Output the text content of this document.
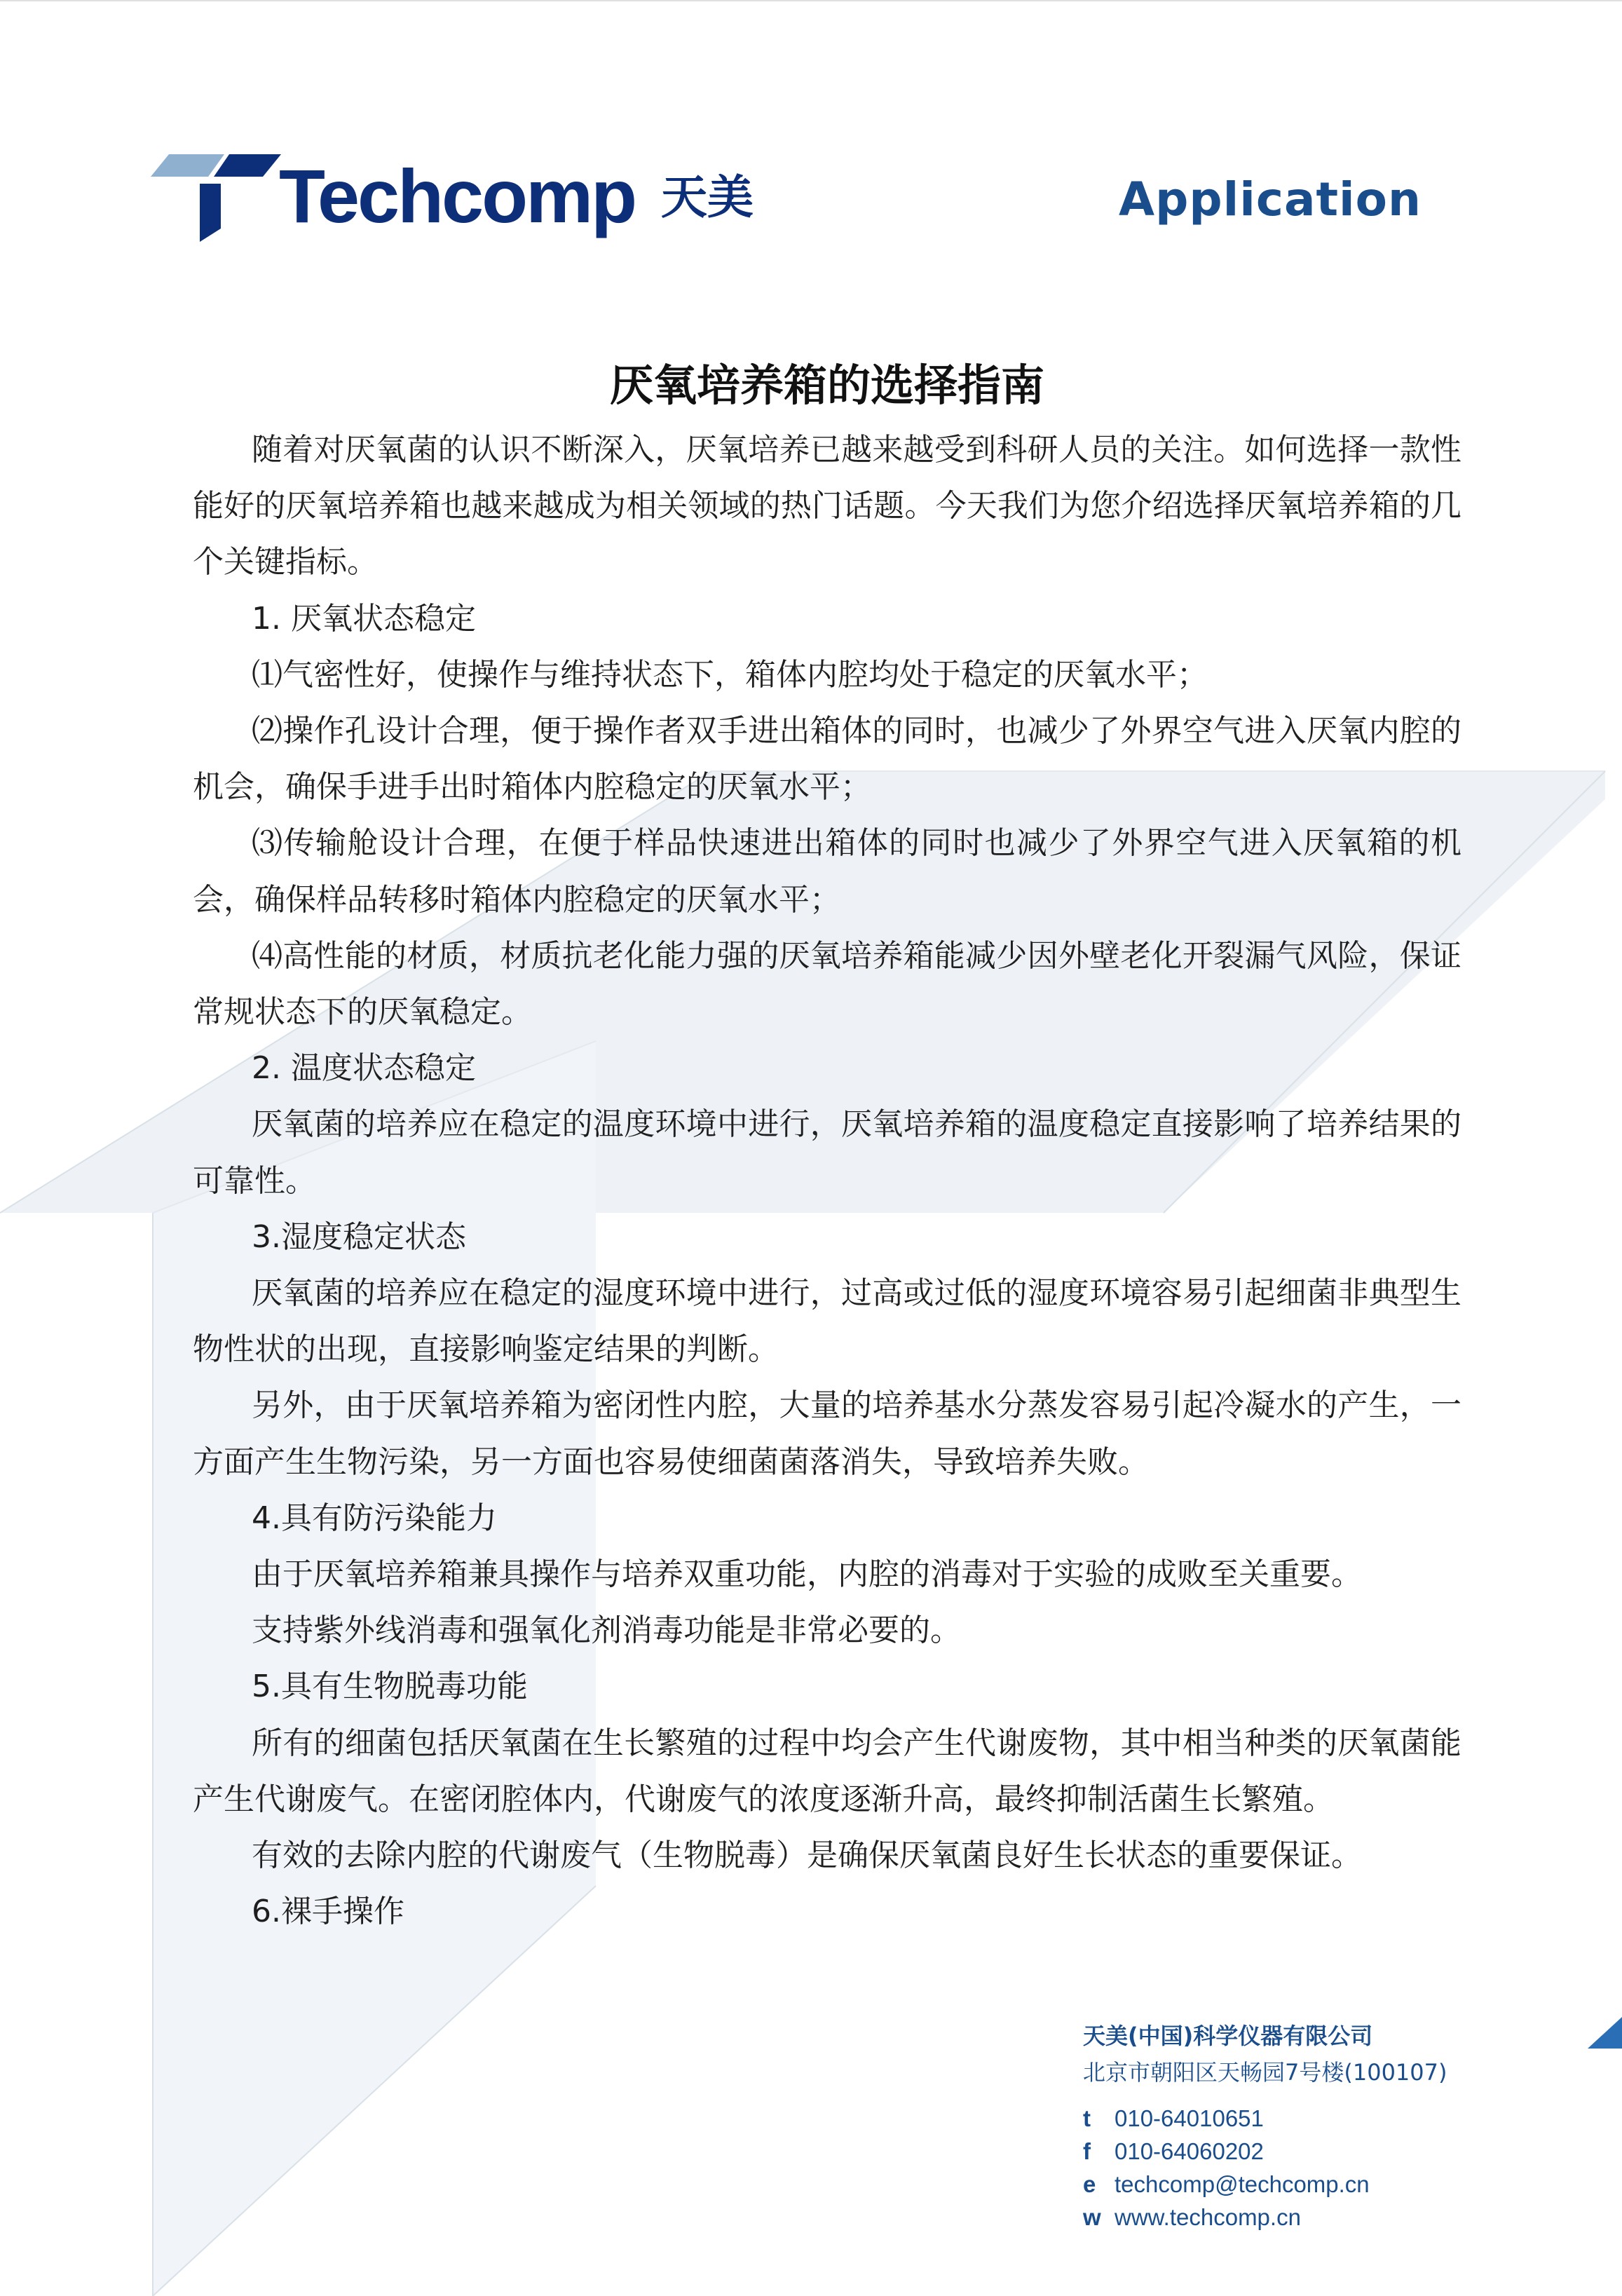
Techcomp 天美	Application
厌氧培养箱的选择指南

随着对厌氧菌的认识不断深入，厌氧培养已越来越受到科研人员的关注。如何选择一款性能好的厌氧培养箱也越来越成为相关领域的热门话题。今天我们为您介绍选择厌氧培养箱的几个关键指标。

1. 厌氧状态稳定

⑴气密性好，使操作与维持状态下，箱体内腔均处于稳定的厌氧水平；

⑵操作孔设计合理，便于操作者双手进出箱体的同时，也减少了外界空气进入厌氧内腔的机会，确保手进手出时箱体内腔稳定的厌氧水平；

⑶传输舱设计合理，在便于样品快速进出箱体的同时也减少了外界空气进入厌氧箱的机会，确保样品转移时箱体内腔稳定的厌氧水平；

⑷高性能的材质，材质抗老化能力强的厌氧培养箱能减少因外壁老化开裂漏气风险，保证常规状态下的厌氧稳定。

2. 温度状态稳定

厌氧菌的培养应在稳定的温度环境中进行，厌氧培养箱的温度稳定直接影响了培养结果的可靠性。

3.湿度稳定状态

厌氧菌的培养应在稳定的湿度环境中进行，过高或过低的湿度环境容易引起细菌非典型生物性状的出现，直接影响鉴定结果的判断。

另外，由于厌氧培养箱为密闭性内腔，大量的培养基水分蒸发容易引起冷凝水的产生，一方面产生生物污染，另一方面也容易使细菌菌落消失，导致培养失败。

4.具有防污染能力

由于厌氧培养箱兼具操作与培养双重功能，内腔的消毒对于实验的成败至关重要。

支持紫外线消毒和强氧化剂消毒功能是非常必要的。

5.具有生物脱毒功能

所有的细菌包括厌氧菌在生长繁殖的过程中均会产生代谢废物，其中相当种类的厌氧菌能产生代谢废气。在密闭腔体内，代谢废气的浓度逐渐升高，最终抑制活菌生长繁殖。

有效的去除内腔的代谢废气（生物脱毒）是确保厌氧菌良好生长状态的重要保证。

6.裸手操作

天美(中国)科学仪器有限公司
北京市朝阳区天畅园7号楼(100107)
t 010-64010651
f 010-64060202
e techcomp@techcomp.cn
w www.techcomp.cn
